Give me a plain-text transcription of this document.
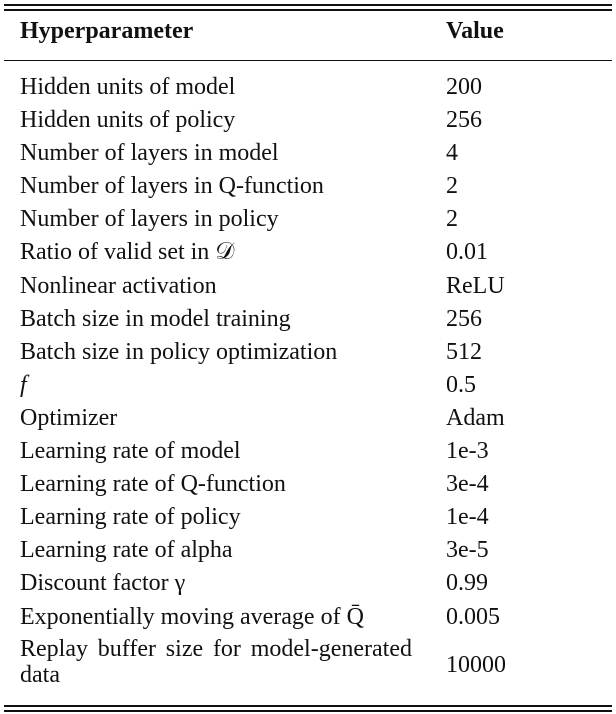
Hyperparameter	Value
Hidden units of model	200
Hidden units of policy	256
Number of layers in model	4
Number of layers in Q-function	2
Number of layers in policy	2
Ratio of valid set in 𝒟	0.01
Nonlinear activation	ReLU
Batch size in model training	256
Batch size in policy optimization	512
f	0.5
Optimizer	Adam
Learning rate of model	1e-3
Learning rate of Q-function	3e-4
Learning rate of policy	1e-4
Learning rate of alpha	3e-5
Discount factor γ	0.99
Exponentially moving average of Q̄	0.005
Replay buffer size for model-generated data	10000
